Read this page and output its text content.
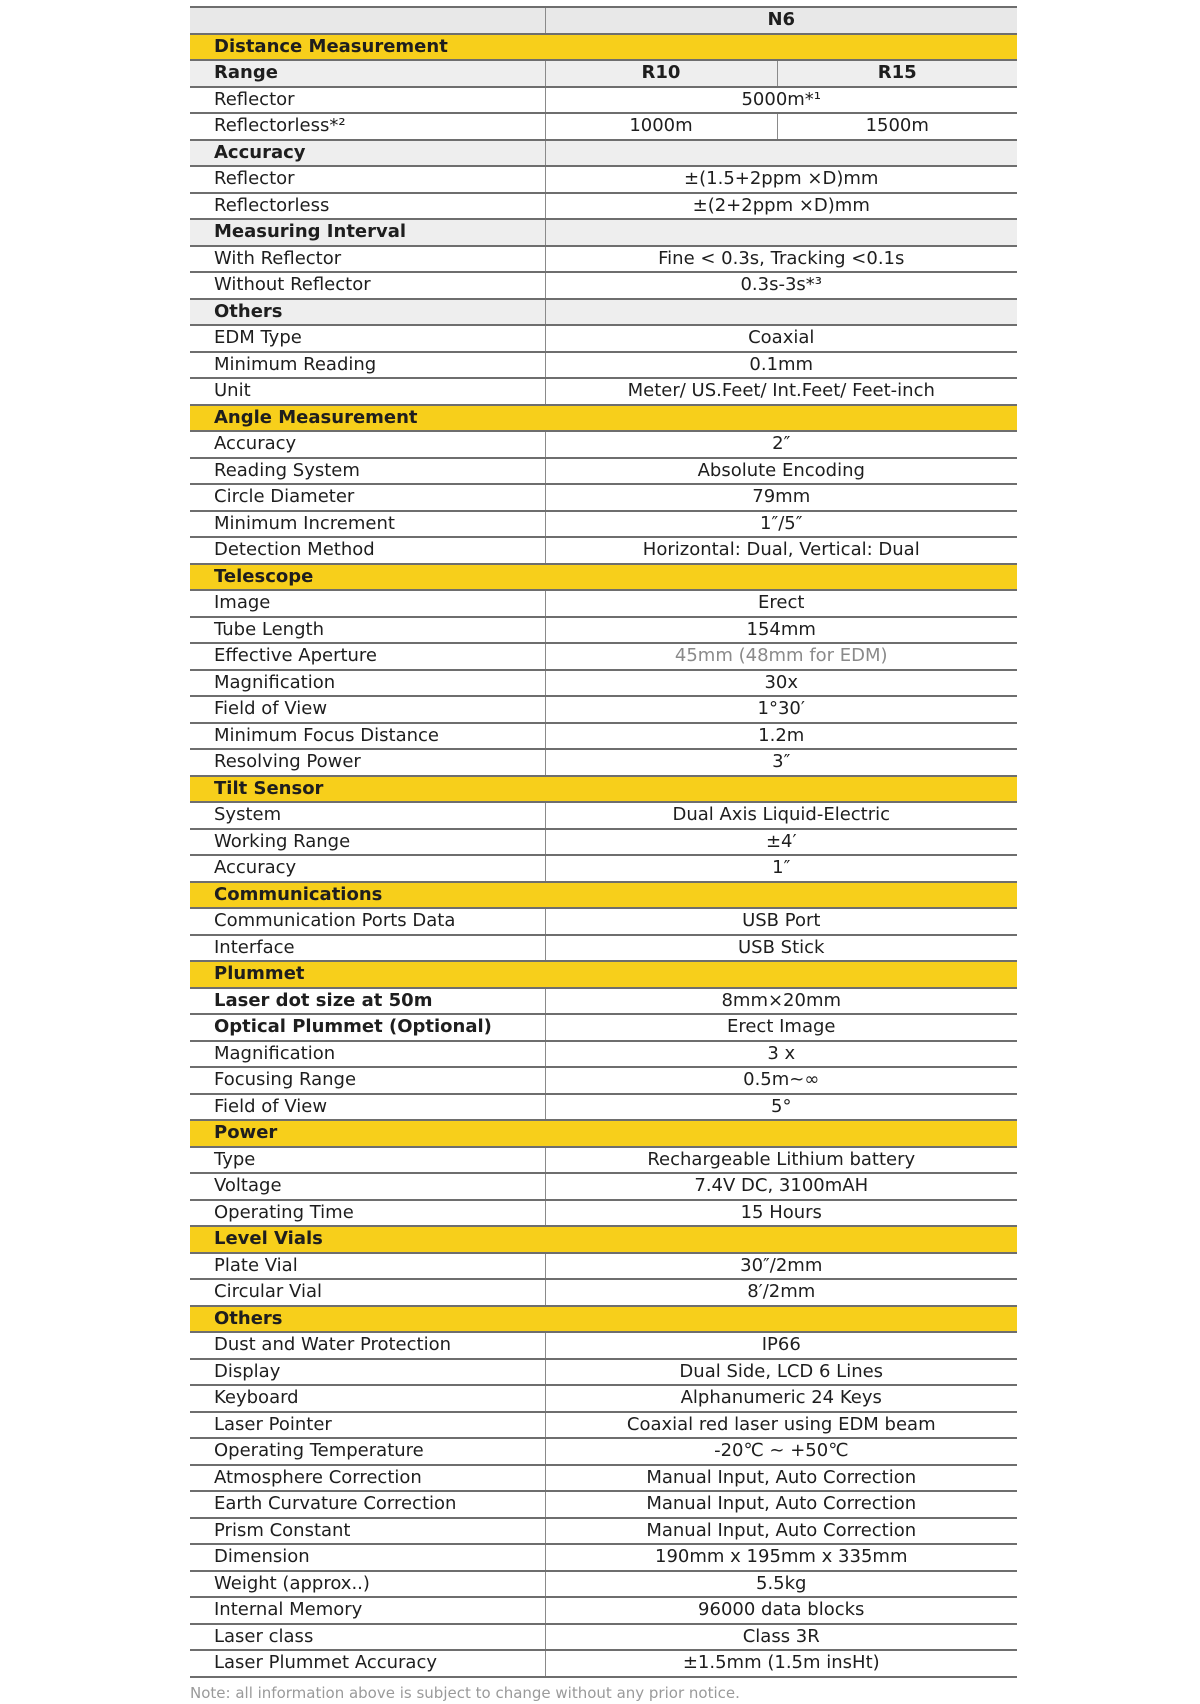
	N6	
Distance Measurement		
Range	R10	R15
Reflector	5000m*¹	
Reflectorless*²	1000m	1500m
Accuracy		
Reflector	±(1.5+2ppm ×D)mm	
Reflectorless	±(2+2ppm ×D)mm	
Measuring Interval		
With Reflector	Fine < 0.3s, Tracking <0.1s	
Without Reflector	0.3s-3s*³	
Others		
EDM Type	Coaxial	
Minimum Reading	0.1mm	
Unit	Meter/ US.Feet/ Int.Feet/ Feet-inch	
Angle Measurement		
Accuracy	2″	
Reading System	Absolute Encoding	
Circle Diameter	79mm	
Minimum Increment	1″/5″	
Detection Method	Horizontal: Dual, Vertical: Dual	
Telescope		
Image	Erect	
Tube Length	154mm	
Effective Aperture	45mm (48mm for EDM)	
Magnification	30x	
Field of View	1°30′	
Minimum Focus Distance	1.2m	
Resolving Power	3″	
Tilt Sensor		
System	Dual Axis Liquid-Electric	
Working Range	±4′	
Accuracy	1″	
Communications		
Communication Ports Data	USB Port	
Interface	USB Stick	
Plummet		
Laser dot size at 50m	8mm×20mm	
Optical Plummet (Optional)	Erect Image	
Magnification	3 x	
Focusing Range	0.5m~∞	
Field of View	5°	
Power		
Type	Rechargeable Lithium battery	
Voltage	7.4V DC, 3100mAH	
Operating Time	15 Hours	
Level Vials		
Plate Vial	30″/2mm	
Circular Vial	8′/2mm	
Others		
Dust and Water Protection	IP66	
Display	Dual Side, LCD 6 Lines	
Keyboard	Alphanumeric 24 Keys	
Laser Pointer	Coaxial red laser using EDM beam	
Operating Temperature	-20℃ ~ +50℃	
Atmosphere Correction	Manual Input, Auto Correction	
Earth Curvature Correction	Manual Input, Auto Correction	
Prism Constant	Manual Input, Auto Correction	
Dimension	190mm x 195mm x 335mm	
Weight (approx..)	5.5kg	
Internal Memory	96000 data blocks	
Laser class	Class 3R	
Laser Plummet Accuracy	±1.5mm (1.5m insHt)	
Note: all information above is subject to change without any prior notice.
